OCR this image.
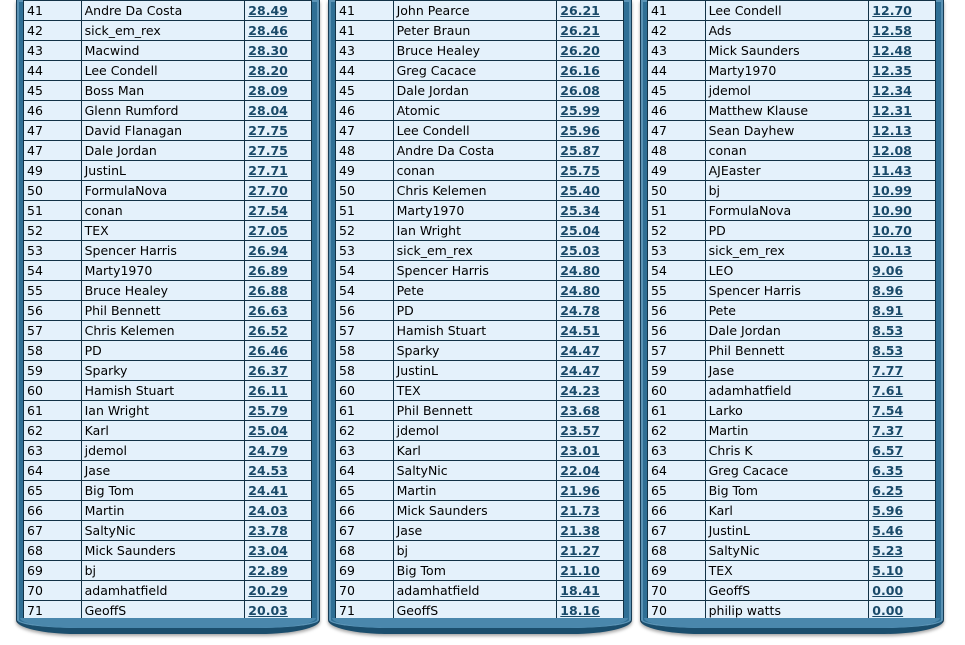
41	Andre Da Costa	28.49
42	sick_em_rex	28.46
43	Macwind	28.30
44	Lee Condell	28.20
45	Boss Man	28.09
46	Glenn Rumford	28.04
47	David Flanagan	27.75
47	Dale Jordan	27.75
49	JustinL	27.71
50	FormulaNova	27.70
51	conan	27.54
52	TEX	27.05
53	Spencer Harris	26.94
54	Marty1970	26.89
55	Bruce Healey	26.88
56	Phil Bennett	26.63
57	Chris Kelemen	26.52
58	PD	26.46
59	Sparky	26.37
60	Hamish Stuart	26.11
61	Ian Wright	25.79
62	Karl	25.04
63	jdemol	24.79
64	Jase	24.53
65	Big Tom	24.41
66	Martin	24.03
67	SaltyNic	23.78
68	Mick Saunders	23.04
69	bj	22.89
70	adamhatfield	20.29
71	GeoffS	20.03
41	John Pearce	26.21
41	Peter Braun	26.21
43	Bruce Healey	26.20
44	Greg Cacace	26.16
45	Dale Jordan	26.08
46	Atomic	25.99
47	Lee Condell	25.96
48	Andre Da Costa	25.87
49	conan	25.75
50	Chris Kelemen	25.40
51	Marty1970	25.34
52	Ian Wright	25.04
53	sick_em_rex	25.03
54	Spencer Harris	24.80
54	Pete	24.80
56	PD	24.78
57	Hamish Stuart	24.51
58	Sparky	24.47
58	JustinL	24.47
60	TEX	24.23
61	Phil Bennett	23.68
62	jdemol	23.57
63	Karl	23.01
64	SaltyNic	22.04
65	Martin	21.96
66	Mick Saunders	21.73
67	Jase	21.38
68	bj	21.27
69	Big Tom	21.10
70	adamhatfield	18.41
71	GeoffS	18.16
41	Lee Condell	12.70
42	Ads	12.58
43	Mick Saunders	12.48
44	Marty1970	12.35
45	jdemol	12.34
46	Matthew Klause	12.31
47	Sean Dayhew	12.13
48	conan	12.08
49	AJEaster	11.43
50	bj	10.99
51	FormulaNova	10.90
52	PD	10.70
53	sick_em_rex	10.13
54	LEO	9.06
55	Spencer Harris	8.96
56	Pete	8.91
56	Dale Jordan	8.53
57	Phil Bennett	8.53
59	Jase	7.77
60	adamhatfield	7.61
61	Larko	7.54
62	Martin	7.37
63	Chris K	6.57
64	Greg Cacace	6.35
65	Big Tom	6.25
66	Karl	5.96
67	JustinL	5.46
68	SaltyNic	5.23
69	TEX	5.10
70	GeoffS	0.00
70	philip watts	0.00
